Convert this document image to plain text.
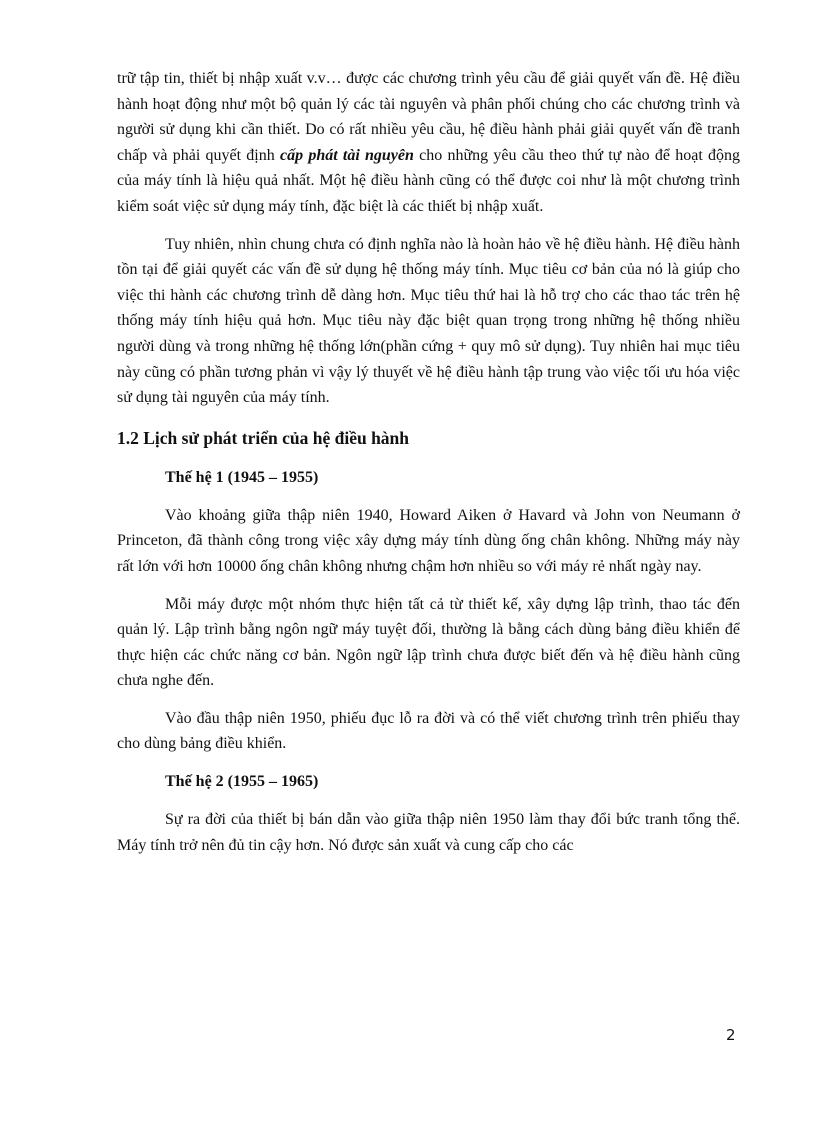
trữ tập tin, thiết bị nhập xuất v.v… được các chương trình yêu cầu để giải quyết vấn đề. Hệ điều hành hoạt động như một bộ quản lý các tài nguyên và phân phối chúng cho các chương trình và người sử dụng khi cần thiết. Do có rất nhiều yêu cầu, hệ điều hành phải giải quyết vấn đề tranh chấp và phải quyết định cấp phát tài nguyên cho những yêu cầu theo thứ tự nào để hoạt động của máy tính là hiệu quả nhất. Một hệ điều hành cũng có thể được coi như là một chương trình kiểm soát việc sử dụng máy tính, đặc biệt là các thiết bị nhập xuất.

Tuy nhiên, nhìn chung chưa có định nghĩa nào là hoàn hảo về hệ điều hành. Hệ điều hành tồn tại để giải quyết các vấn đề sử dụng hệ thống máy tính. Mục tiêu cơ bản của nó là giúp cho việc thi hành các chương trình dễ dàng hơn. Mục tiêu thứ hai là hỗ trợ cho các thao tác trên hệ thống máy tính hiệu quả hơn. Mục tiêu này đặc biệt quan trọng trong những hệ thống nhiều người dùng và trong những hệ thống lớn(phần cứng + quy mô sử dụng). Tuy nhiên hai mục tiêu này cũng có phần tương phản vì vậy lý thuyết về hệ điều hành tập trung vào việc tối ưu hóa việc sử dụng tài nguyên của máy tính.

1.2 Lịch sử phát triển của hệ điều hành
Thế hệ 1 (1945 – 1955)

Vào khoảng giữa thập niên 1940, Howard Aiken ở Havard và John von Neumann ở Princeton, đã thành công trong việc xây dựng máy tính dùng ống chân không. Những máy này rất lớn với hơn 10000 ống chân không nhưng chậm hơn nhiều so với máy rẻ nhất ngày nay.

Mỗi máy được một nhóm thực hiện tất cả từ thiết kế, xây dựng lập trình, thao tác đến quản lý. Lập trình bằng ngôn ngữ máy tuyệt đối, thường là bằng cách dùng bảng điều khiển để thực hiện các chức năng cơ bản. Ngôn ngữ lập trình chưa được biết đến và hệ điều hành cũng chưa nghe đến.

Vào đầu thập niên 1950, phiếu đục lỗ ra đời và có thể viết chương trình trên phiếu thay cho dùng bảng điều khiển.

Thế hệ 2 (1955 – 1965)

Sự ra đời của thiết bị bán dẫn vào giữa thập niên 1950 làm thay đổi bức tranh tổng thể. Máy tính trở nên đủ tin cậy hơn. Nó được sản xuất và cung cấp cho các

2
